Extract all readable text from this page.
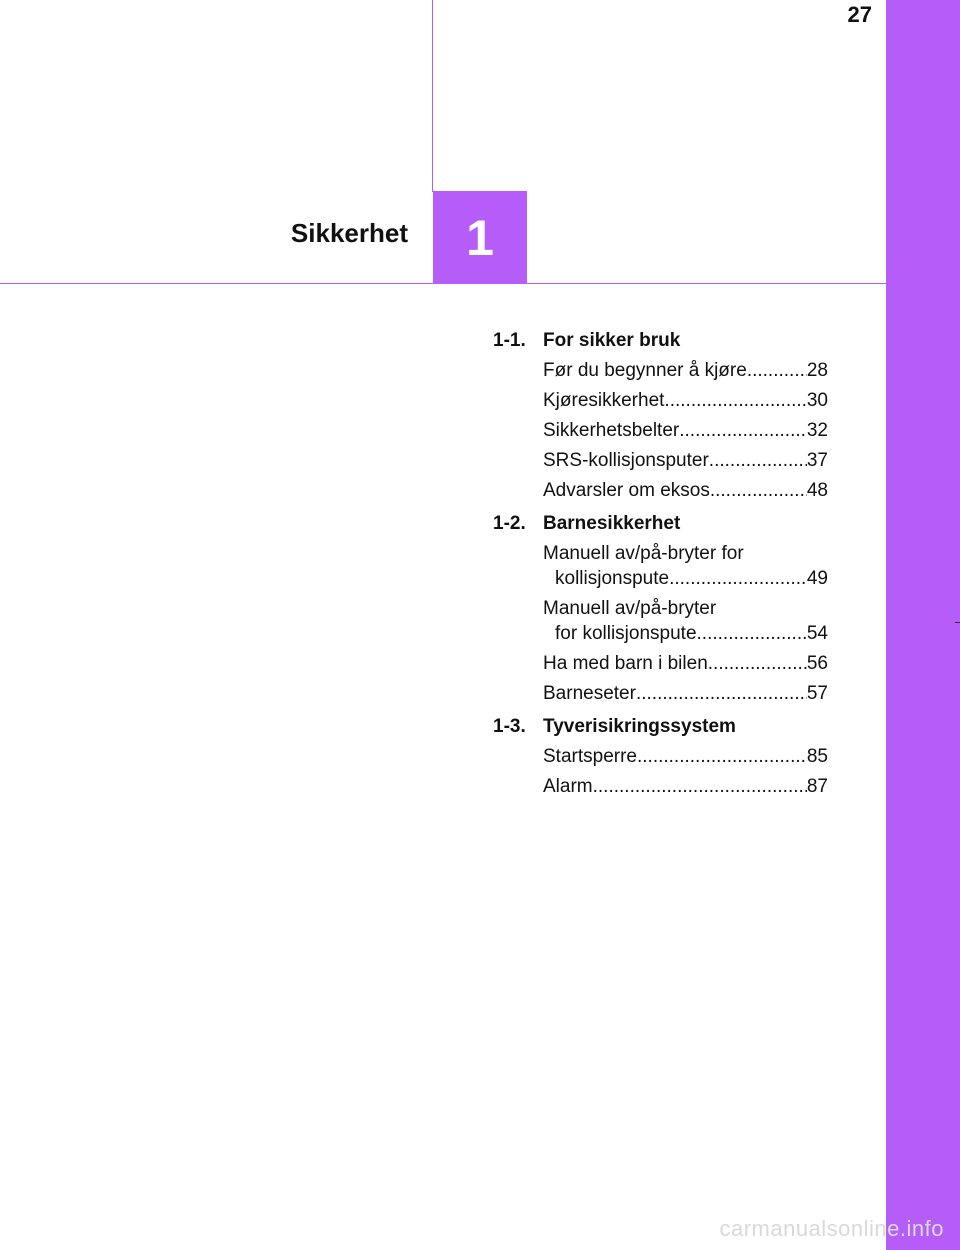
27
Sikkerhet 1
1-1. For sikker bruk
Før du begynner å kjøre .....	28
Kjøresikkerhet .....	30
Sikkerhetsbelter .....	32
SRS-kollisjonsputer .....	37
Advarsler om eksos .....	48
1-2. Barnesikkerhet
Manuell av/på-bryter for
kollisjonspute .....	49
Manuell av/på-bryter
for kollisjonspute .....	54
Ha med barn i bilen .....	56
Barneseter .....	57
1-3. Tyverisikringssystem
Startsperre .....	85
Alarm .....	87
carmanualsonline.info
